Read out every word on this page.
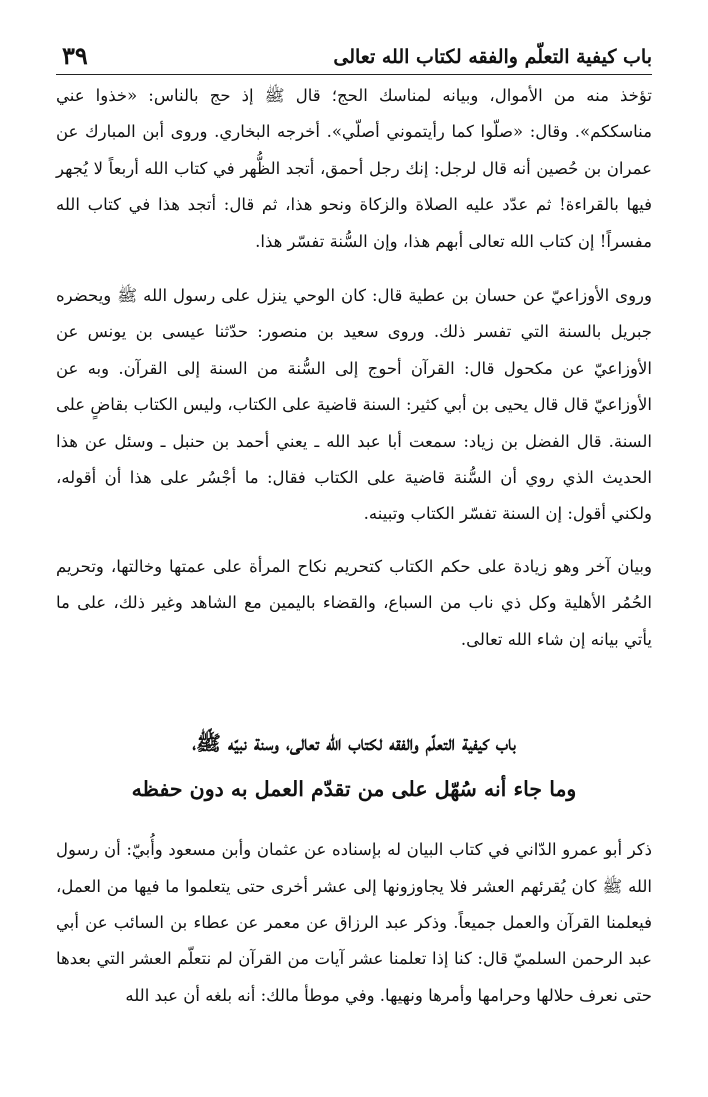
باب كيفية التعلّم والفقه لكتاب الله تعالى
٣٩

تؤخذ منه من الأموال، وبيانه لمناسك الحج؛ قال ﷺ إذ حج بالناس: «خذوا عني مناسككم». وقال: «صلّوا كما رأيتموني أصلّي». أخرجه البخاري. وروى أبن المبارك عن عمران بن حُصين أنه قال لرجل: إنك رجل أحمق، أتجد الظُّهر في كتاب الله أربعاً لا يُجهر فيها بالقراءة! ثم عدّد عليه الصلاة والزكاة ونحو هذا، ثم قال: أتجد هذا في كتاب الله مفسراً! إن كتاب الله تعالى أبهم هذا، وإن السُّنة تفسّر هذا.

وروى الأوزاعيّ عن حسان بن عطية قال: كان الوحي ينزل على رسول الله ﷺ ويحضره جبريل بالسنة التي تفسر ذلك. وروى سعيد بن منصور: حدّثنا عيسى بن يونس عن الأوزاعيّ عن مكحول قال: القرآن أحوج إلى السُّنة من السنة إلى القرآن. وبه عن الأوزاعيّ قال قال يحيى بن أبي كثير: السنة قاضية على الكتاب، وليس الكتاب بقاضٍ على السنة. قال الفضل بن زياد: سمعت أبا عبد الله ـ يعني أحمد بن حنبل ـ وسئل عن هذا الحديث الذي روي أن السُّنة قاضية على الكتاب فقال: ما أجْسُر على هذا أن أقوله، ولكني أقول: إن السنة تفسّر الكتاب وتبينه.

وبيان آخر وهو زيادة على حكم الكتاب كتحريم نكاح المرأة على عمتها وخالتها، وتحريم الحُمُر الأهلية وكل ذي ناب من السباع، والقضاء باليمين مع الشاهد وغير ذلك، على ما يأتي بيانه إن شاء الله تعالى.

باب كيفية التعلّم والفقه لكتاب الله تعالى، وسنة نبيّه ﷺ،
وما جاء أنه سُهّل على من تقدّم العمل به دون حفظه

ذكر أبو عمرو الدّاني في كتاب البيان له بإسناده عن عثمان وأبن مسعود وأُبيّ: أن رسول الله ﷺ كان يُقرئهم العشر فلا يجاوزونها إلى عشر أخرى حتى يتعلموا ما فيها من العمل، فيعلمنا القرآن والعمل جميعاً. وذكر عبد الرزاق عن معمر عن عطاء بن السائب عن أبي عبد الرحمن السلميّ قال: كنا إذا تعلمنا عشر آيات من القرآن لم نتعلّم العشر التي بعدها حتى نعرف حلالها وحرامها وأمرها ونهيها. وفي موطأ مالك: أنه بلغه أن عبد الله
